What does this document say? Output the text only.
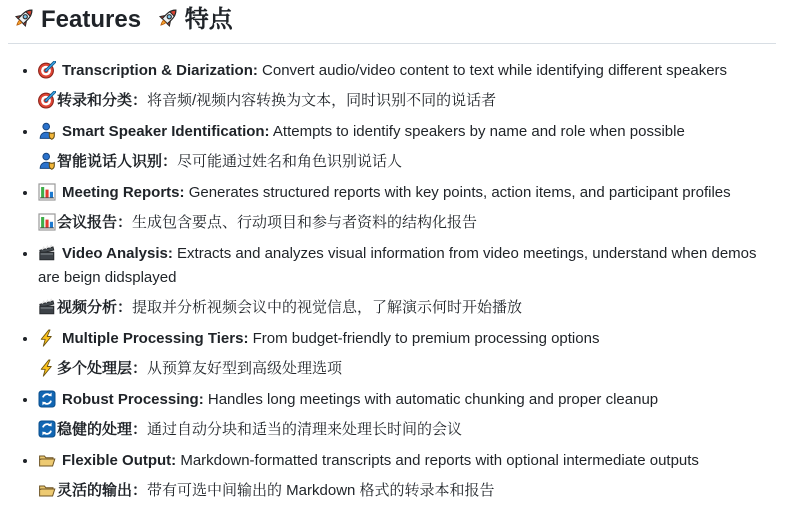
Features 特点

• Transcription & Diarization: Convert audio/video content to text while identifying different speakers

转录和分类：将音频/视频内容转换为文本，同时识别不同的说话者

• Smart Speaker Identification: Attempts to identify speakers by name and role when possible

智能说话人识别：尽可能通过姓名和角色识别说话人

• Meeting Reports: Generates structured reports with key points, action items, and participant profiles

会议报告：生成包含要点、行动项目和参与者资料的结构化报告

• Video Analysis: Extracts and analyzes visual information from video meetings, understand when demos are beign didsplayed

视频分析：提取并分析视频会议中的视觉信息，了解演示何时开始播放

• Multiple Processing Tiers: From budget-friendly to premium processing options

多个处理层：从预算友好型到高级处理选项

• Robust Processing: Handles long meetings with automatic chunking and proper cleanup

稳健的处理：通过自动分块和适当的清理来处理长时间的会议

• Flexible Output: Markdown-formatted transcripts and reports with optional intermediate outputs

灵活的输出：带有可选中间输出的 Markdown 格式的转录本和报告
